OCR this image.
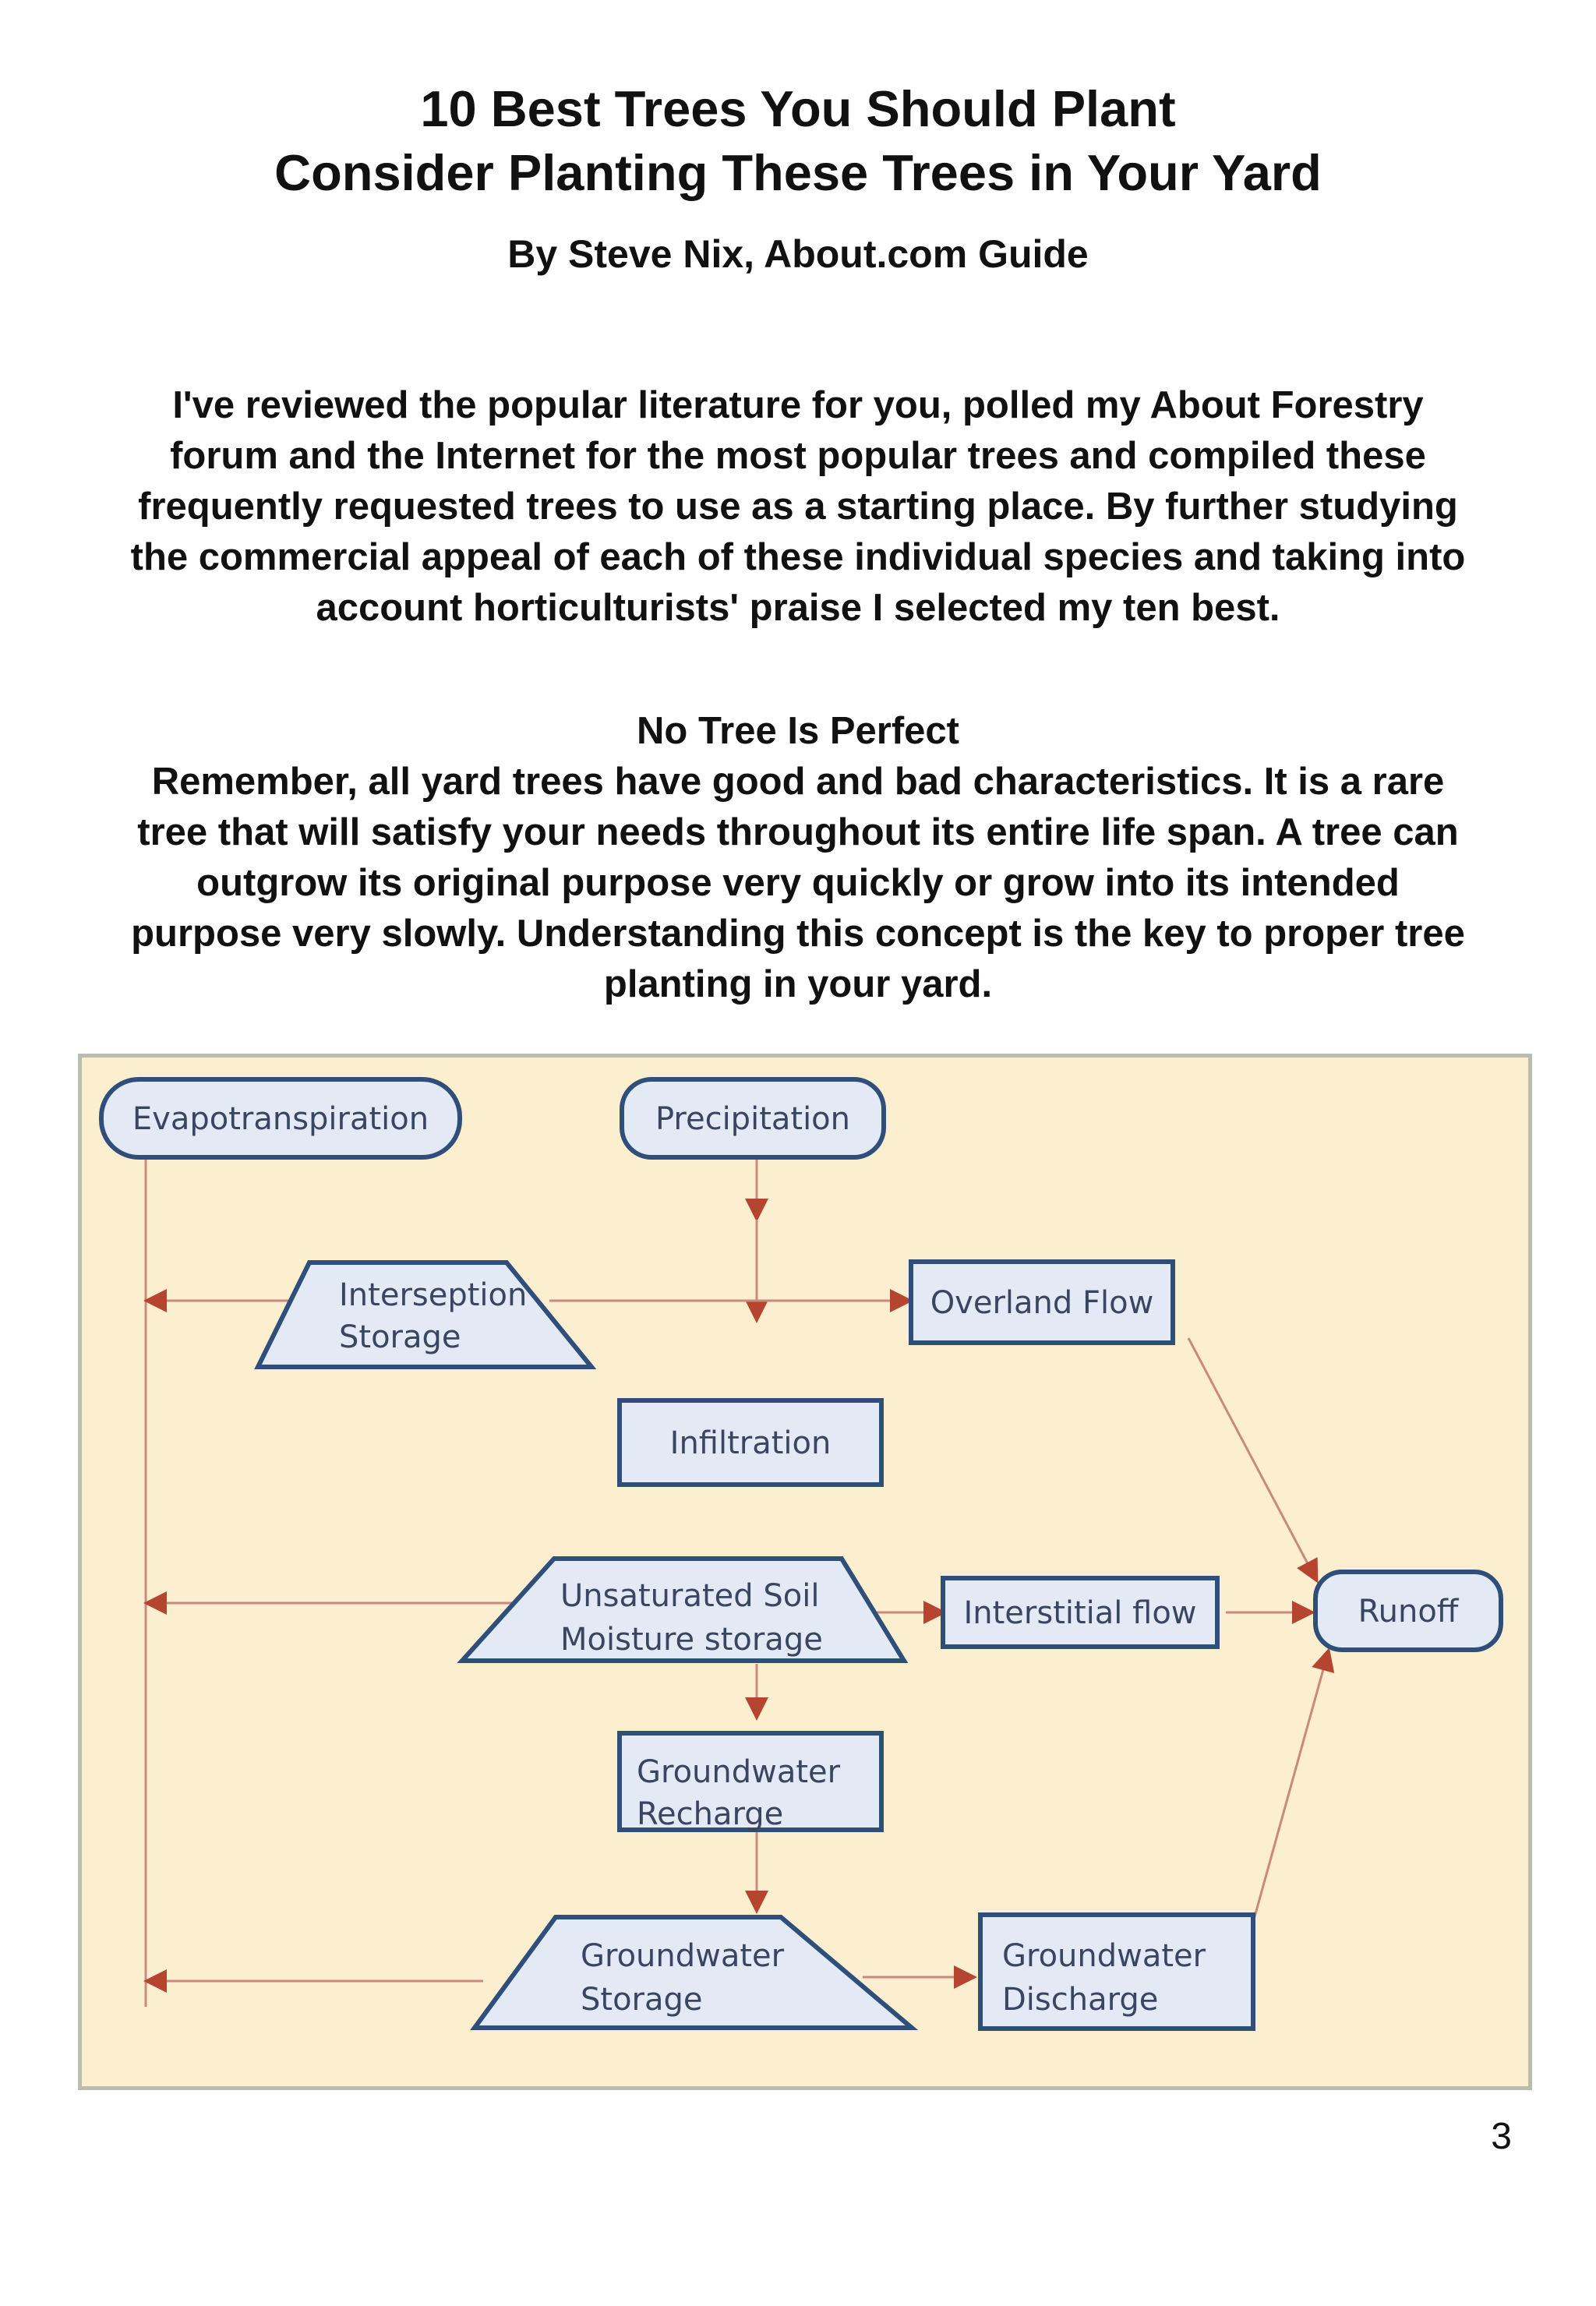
10 Best Trees You Should Plant
Consider Planting These Trees in Your Yard
By Steve Nix, About.com Guide
I've reviewed the popular literature for you, polled my About Forestry
forum and the Internet for the most popular trees and compiled these
frequently requested trees to use as a starting place. By further studying
the commercial appeal of each of these individual species and taking into
account horticulturists' praise I selected my ten best.
No Tree Is Perfect
Remember, all yard trees have good and bad characteristics. It is a rare
tree that will satisfy your needs throughout its entire life span. A tree can
outgrow its original purpose very quickly or grow into its intended
purpose very slowly. Understanding this concept is the key to proper tree
planting in your yard.
Evapotranspiration	Precipitation
Interseption
Storage
Overland Flow
Infiltration
Unsaturated Soil
Moisture storage
Interstitial flow	Runoff
Groundwater
Recharge
Groundwater
Storage
Groundwater
Discharge
3
